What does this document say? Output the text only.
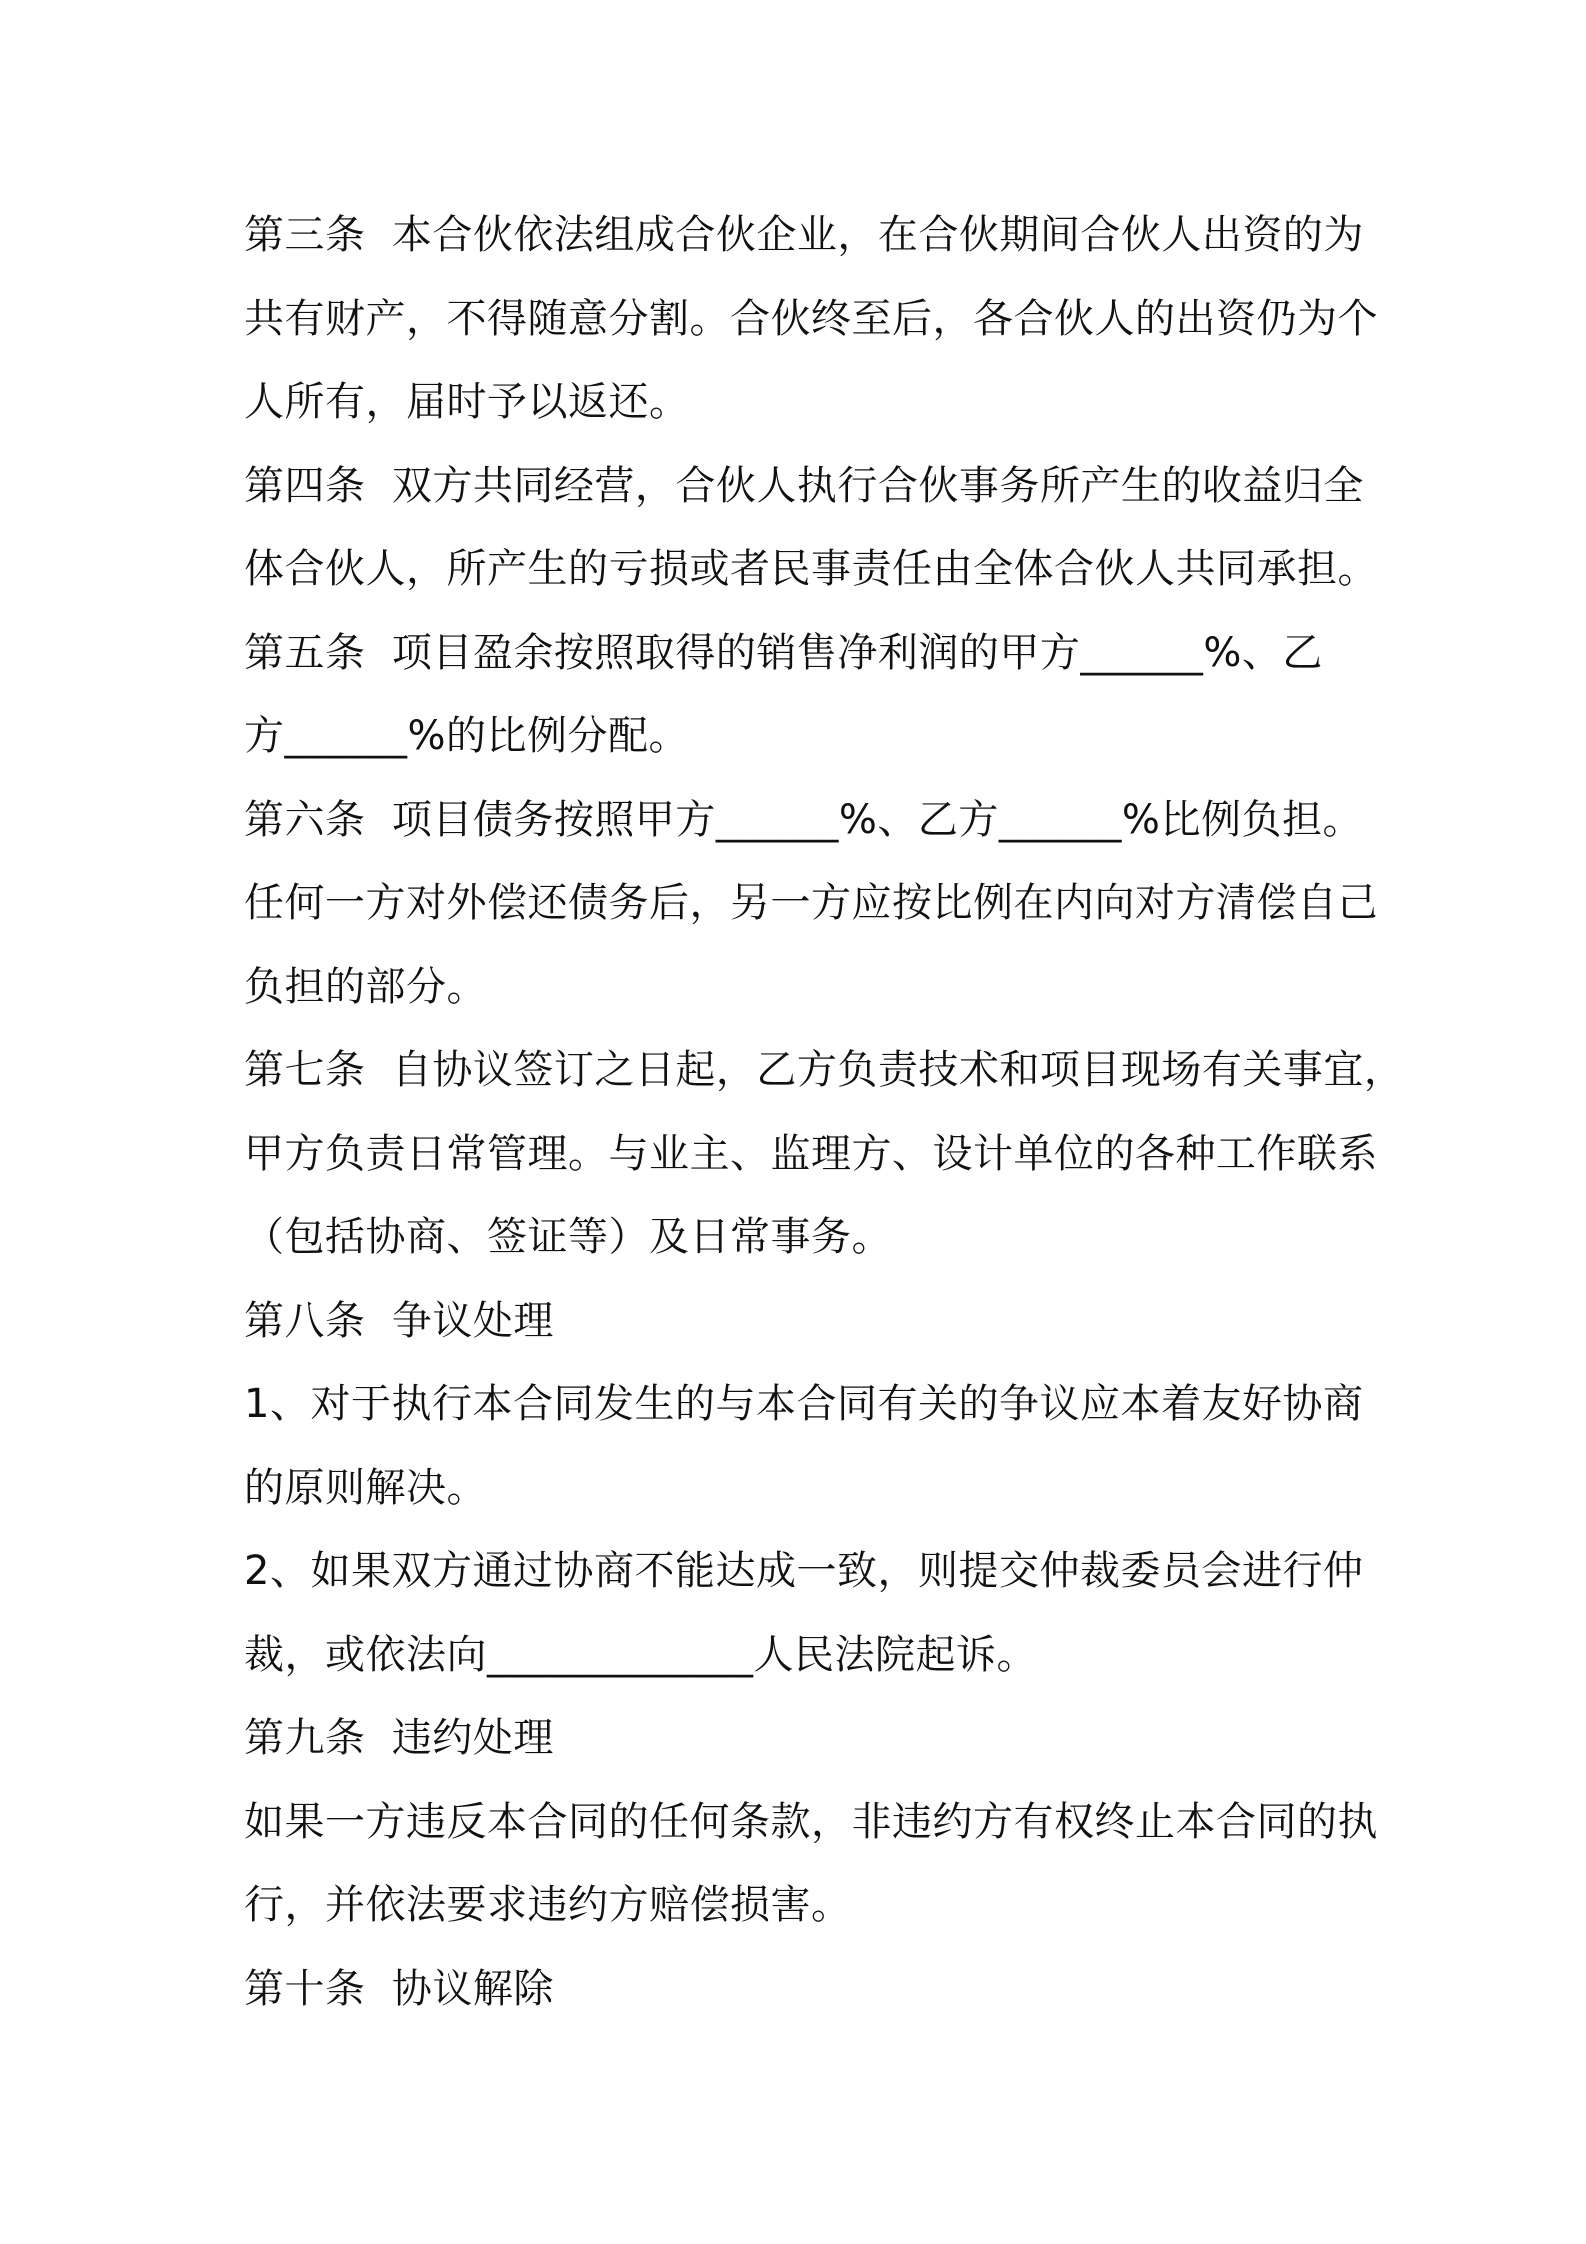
第三条  本合伙依法组成合伙企业，在合伙期间合伙人出资的为
共有财产，不得随意分割。合伙终至后，各合伙人的出资仍为个
人所有，届时予以返还。
第四条  双方共同经营，合伙人执行合伙事务所产生的收益归全
体合伙人，所产生的亏损或者民事责任由全体合伙人共同承担。
第五条  项目盈余按照取得的销售净利润的甲方______%、乙
方______%的比例分配。
第六条  项目债务按照甲方______%、乙方______%比例负担。
任何一方对外偿还债务后，另一方应按比例在内向对方清偿自己
负担的部分。
第七条  自协议签订之日起，乙方负责技术和项目现场有关事宜，
甲方负责日常管理。与业主、监理方、设计单位的各种工作联系
（包括协商、签证等）及日常事务。
第八条  争议处理
1、对于执行本合同发生的与本合同有关的争议应本着友好协商
的原则解决。
2、如果双方通过协商不能达成一致，则提交仲裁委员会进行仲
裁，或依法向_____________人民法院起诉。
第九条  违约处理
如果一方违反本合同的任何条款，非违约方有权终止本合同的执
行，并依法要求违约方赔偿损害。
第十条  协议解除
